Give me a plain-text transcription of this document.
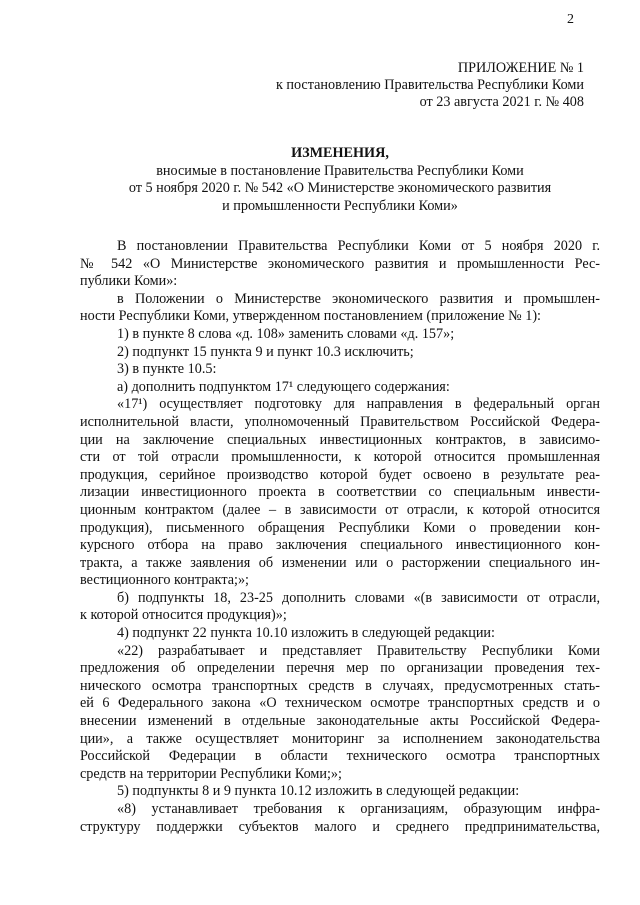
2
ПРИЛОЖЕНИЕ № 1
к постановлению Правительства Республики Коми
от 23 августа 2021 г. № 408
ИЗМЕНЕНИЯ,
вносимые в постановление Правительства Республики Коми
от 5 ноября 2020 г. № 542 «О Министерстве экономического развития
и промышленности Республики Коми»
В постановлении Правительства Республики Коми от 5 ноября 2020 г.
№ 542 «О Министерстве экономического развития и промышленности Рес-
публики Коми»:
в Положении о Министерстве экономического развития и промышлен-
ности Республики Коми, утвержденном постановлением (приложение № 1):
1) в пункте 8 слова «д. 108» заменить словами «д. 157»;
2) подпункт 15 пункта 9 и пункт 10.3 исключить;
3) в пункте 10.5:
а) дополнить подпунктом 17¹ следующего содержания:
«17¹) осуществляет подготовку для направления в федеральный орган
исполнительной власти, уполномоченный Правительством Российской Федера-
ции на заключение специальных инвестиционных контрактов, в зависимо-
сти от той отрасли промышленности, к которой относится промышленная
продукция, серийное производство которой будет освоено в результате реа-
лизации инвестиционного проекта в соответствии со специальным инвести-
ционным контрактом (далее – в зависимости от отрасли, к которой относится
продукция), письменного обращения Республики Коми о проведении кон-
курсного отбора на право заключения специального инвестиционного кон-
тракта, а также заявления об изменении или о расторжении специального ин-
вестиционного контракта;»;
б) подпункты 18, 23-25 дополнить словами «(в зависимости от отрасли,
к которой относится продукция)»;
4) подпункт 22 пункта 10.10 изложить в следующей редакции:
«22) разрабатывает и представляет Правительству Республики Коми
предложения об определении перечня мер по организации проведения тех-
нического осмотра транспортных средств в случаях, предусмотренных стать-
ей 6 Федерального закона «О техническом осмотре транспортных средств и о
внесении изменений в отдельные законодательные акты Российской Федера-
ции», а также осуществляет мониторинг за исполнением законодательства
Российской Федерации в области технического осмотра транспортных
средств на территории Республики Коми;»;
5) подпункты 8 и 9 пункта 10.12 изложить в следующей редакции:
«8) устанавливает требования к организациям, образующим инфра-
структуру поддержки субъектов малого и среднего предпринимательства,
